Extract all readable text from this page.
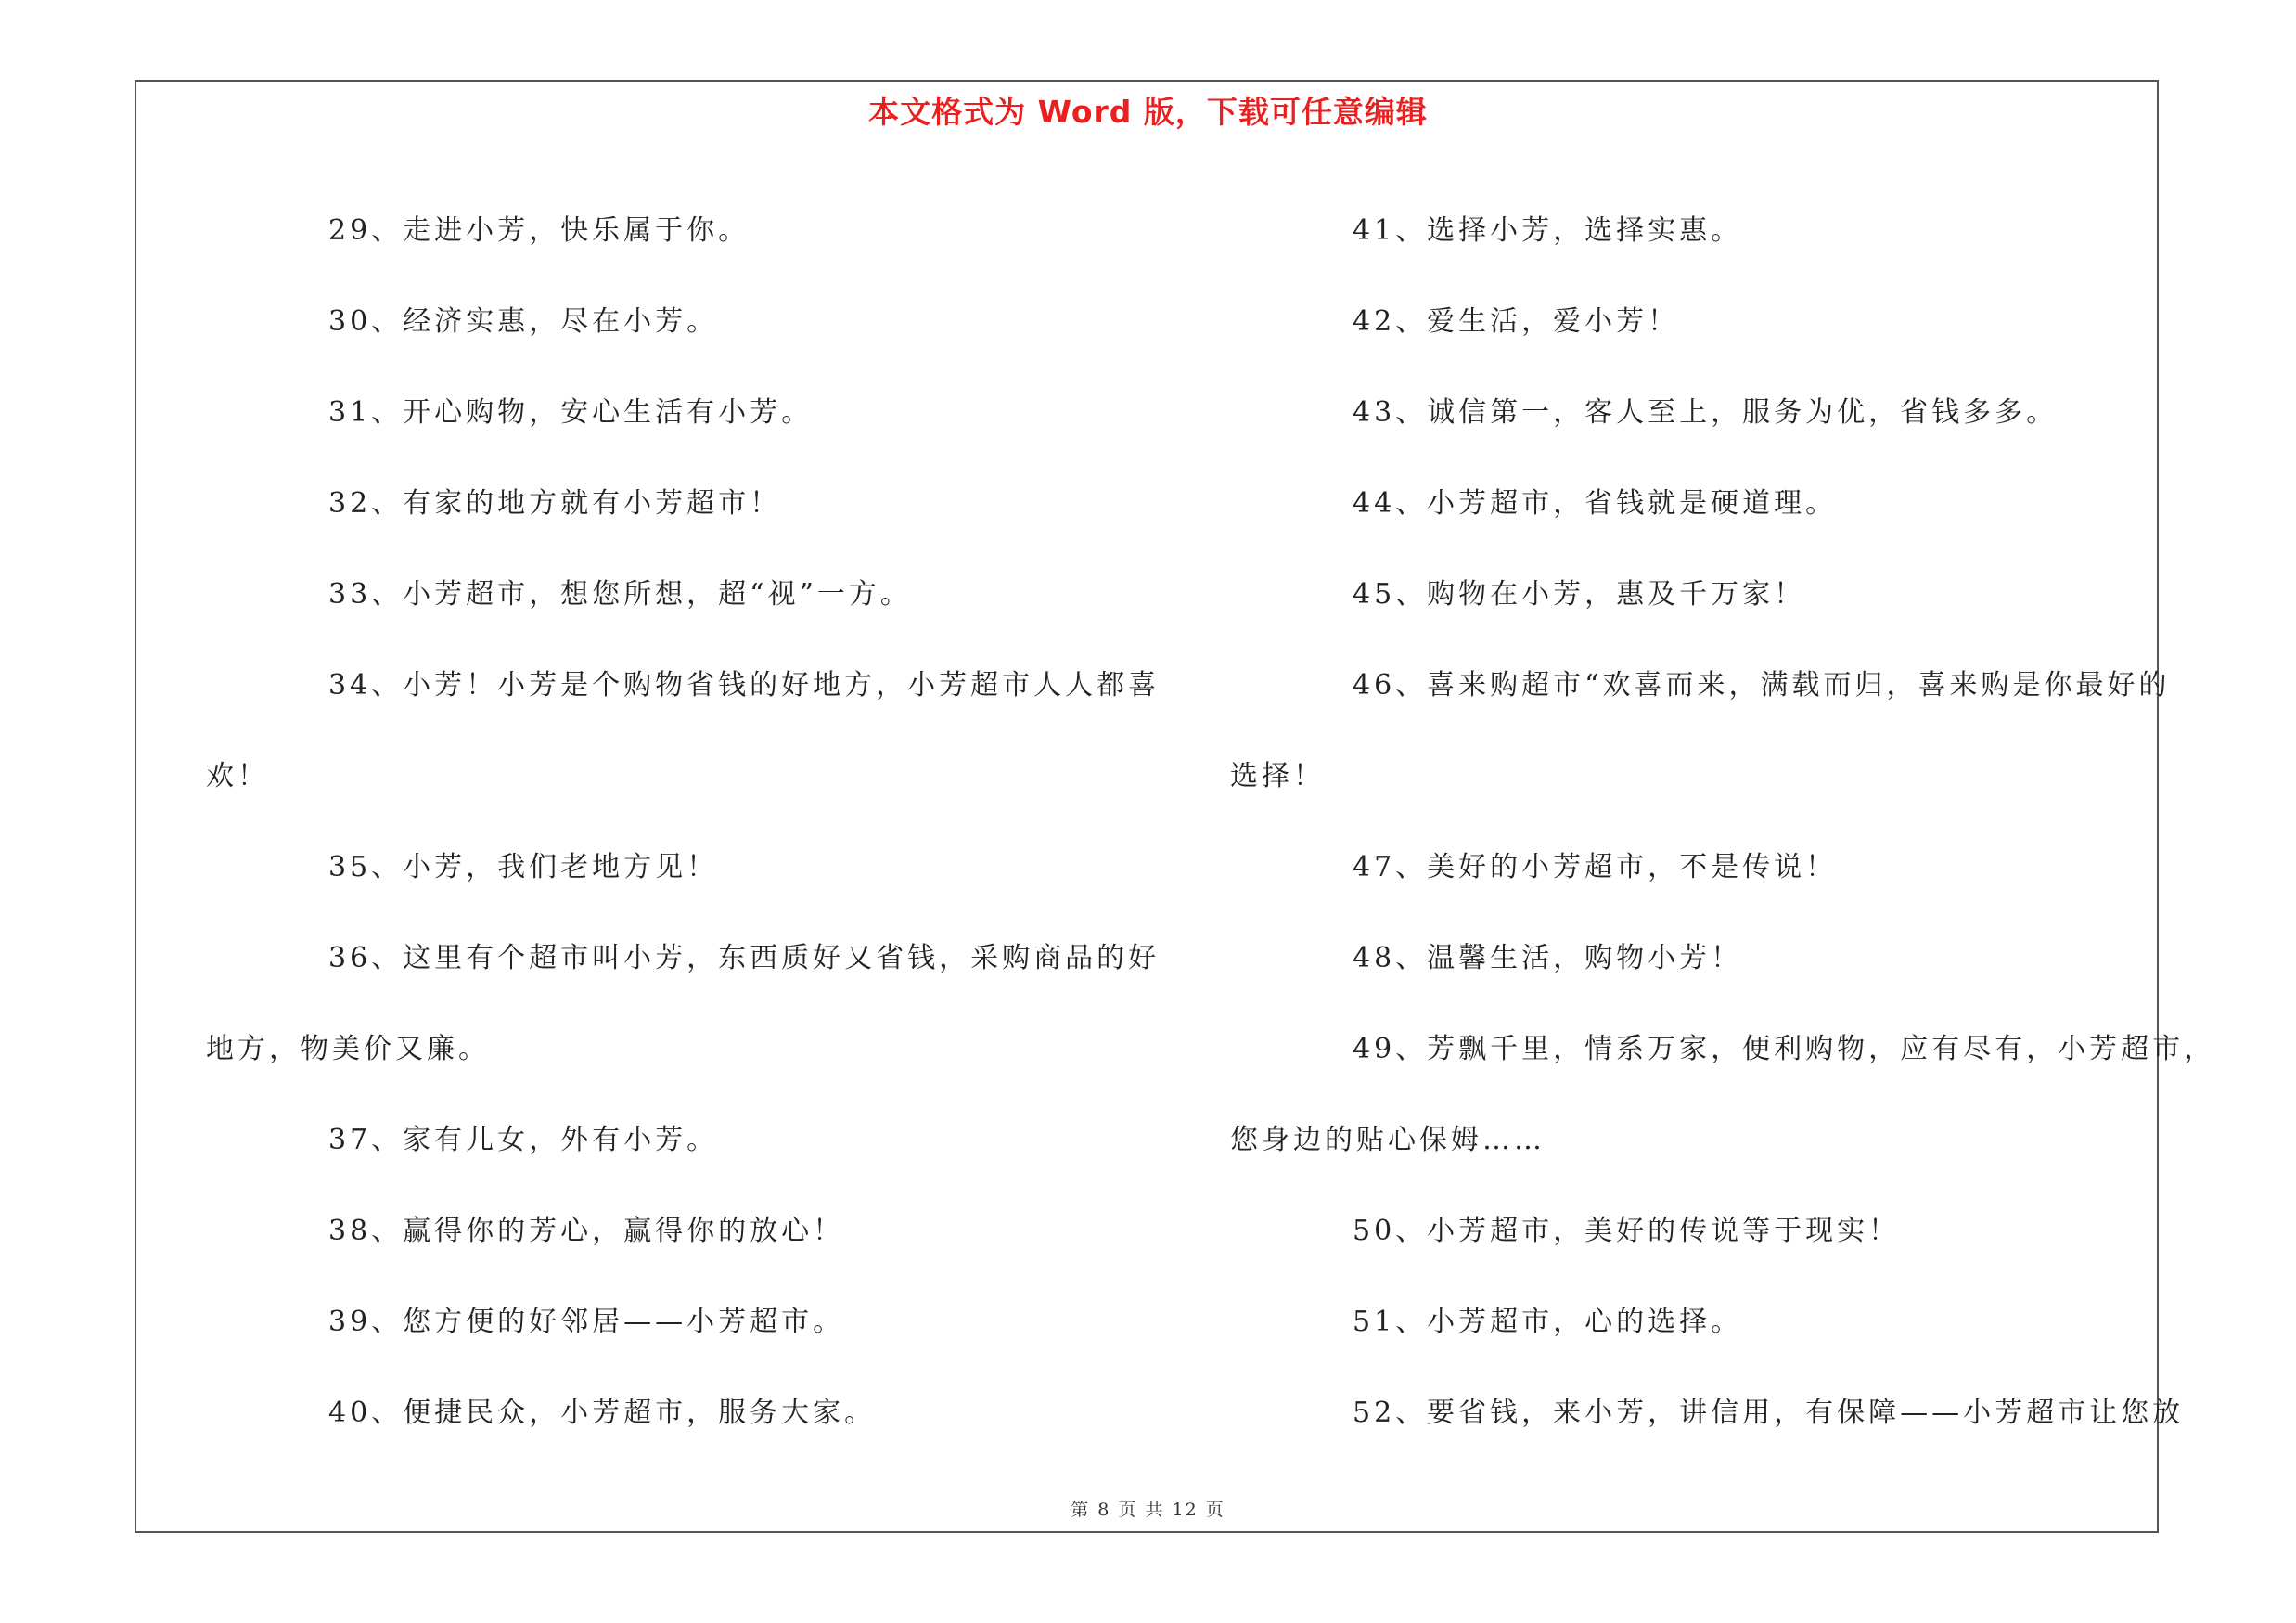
本文格式为 Word 版，下载可任意编辑
29、走进小芳，快乐属于你。
30、经济实惠，尽在小芳。
31、开心购物，安心生活有小芳。
32、有家的地方就有小芳超市！
33、小芳超市，想您所想，超“视”一方。
34、小芳！小芳是个购物省钱的好地方，小芳超市人人都喜
欢！
35、小芳，我们老地方见！
36、这里有个超市叫小芳，东西质好又省钱，采购商品的好
地方，物美价又廉。
37、家有儿女，外有小芳。
38、赢得你的芳心，赢得你的放心！
39、您方便的好邻居——小芳超市。
40、便捷民众，小芳超市，服务大家。
41、选择小芳，选择实惠。
42、爱生活，爱小芳！
43、诚信第一，客人至上，服务为优，省钱多多。
44、小芳超市，省钱就是硬道理。
45、购物在小芳，惠及千万家！
46、喜来购超市“欢喜而来，满载而归，喜来购是你最好的
选择！
47、美好的小芳超市，不是传说！
48、温馨生活，购物小芳！
49、芳飘千里，情系万家，便利购物，应有尽有，小芳超市，
您身边的贴心保姆……
50、小芳超市，美好的传说等于现实！
51、小芳超市，心的选择。
52、要省钱，来小芳，讲信用，有保障——小芳超市让您放
第 8 页 共 12 页
